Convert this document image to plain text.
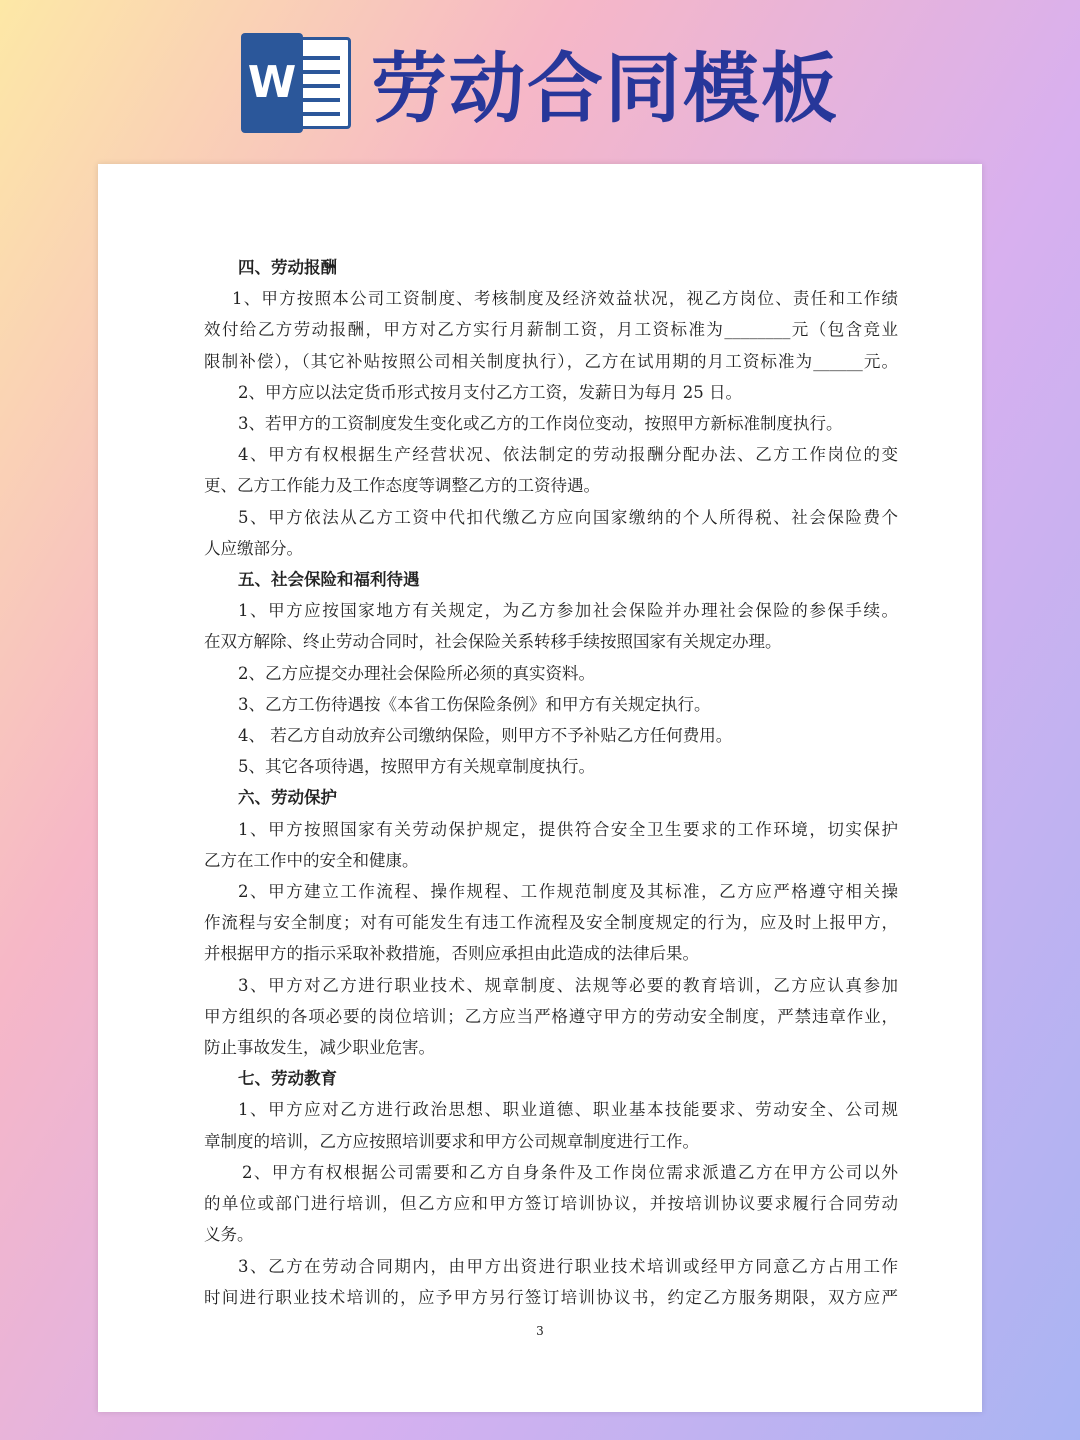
W 劳动合同模板
四、劳动报酬
1、甲方按照本公司工资制度、考核制度及经济效益状况，视乙方岗位、责任和工作绩
效付给乙方劳动报酬，甲方对乙方实行月薪制工资，月工资标准为________元（包含竞业
限制补偿），（其它补贴按照公司相关制度执行），乙方在试用期的月工资标准为______元。
2、甲方应以法定货币形式按月支付乙方工资，发薪日为每月 25 日。
3、若甲方的工资制度发生变化或乙方的工作岗位变动，按照甲方新标准制度执行。
4、甲方有权根据生产经营状况、依法制定的劳动报酬分配办法、乙方工作岗位的变
更、乙方工作能力及工作态度等调整乙方的工资待遇。
5、甲方依法从乙方工资中代扣代缴乙方应向国家缴纳的个人所得税、社会保险费个
人应缴部分。
五、社会保险和福利待遇
1、甲方应按国家地方有关规定，为乙方参加社会保险并办理社会保险的参保手续。
在双方解除、终止劳动合同时，社会保险关系转移手续按照国家有关规定办理。
2、乙方应提交办理社会保险所必须的真实资料。
3、乙方工伤待遇按《本省工伤保险条例》和甲方有关规定执行。
4、 若乙方自动放弃公司缴纳保险，则甲方不予补贴乙方任何费用。
5、其它各项待遇，按照甲方有关规章制度执行。
六、劳动保护
1、甲方按照国家有关劳动保护规定，提供符合安全卫生要求的工作环境，切实保护
乙方在工作中的安全和健康。
2、甲方建立工作流程、操作规程、工作规范制度及其标准，乙方应严格遵守相关操
作流程与安全制度；对有可能发生有违工作流程及安全制度规定的行为，应及时上报甲方，
并根据甲方的指示采取补救措施，否则应承担由此造成的法律后果。
3、甲方对乙方进行职业技术、规章制度、法规等必要的教育培训，乙方应认真参加
甲方组织的各项必要的岗位培训；乙方应当严格遵守甲方的劳动安全制度，严禁违章作业，
防止事故发生，减少职业危害。
七、劳动教育
1、甲方应对乙方进行政治思想、职业道德、职业基本技能要求、劳动安全、公司规
章制度的培训，乙方应按照培训要求和甲方公司规章制度进行工作。
2、甲方有权根据公司需要和乙方自身条件及工作岗位需求派遣乙方在甲方公司以外
的单位或部门进行培训，但乙方应和甲方签订培训协议，并按培训协议要求履行合同劳动
义务。
3、乙方在劳动合同期内，由甲方出资进行职业技术培训或经甲方同意乙方占用工作
时间进行职业技术培训的，应予甲方另行签订培训协议书，约定乙方服务期限，双方应严
3
